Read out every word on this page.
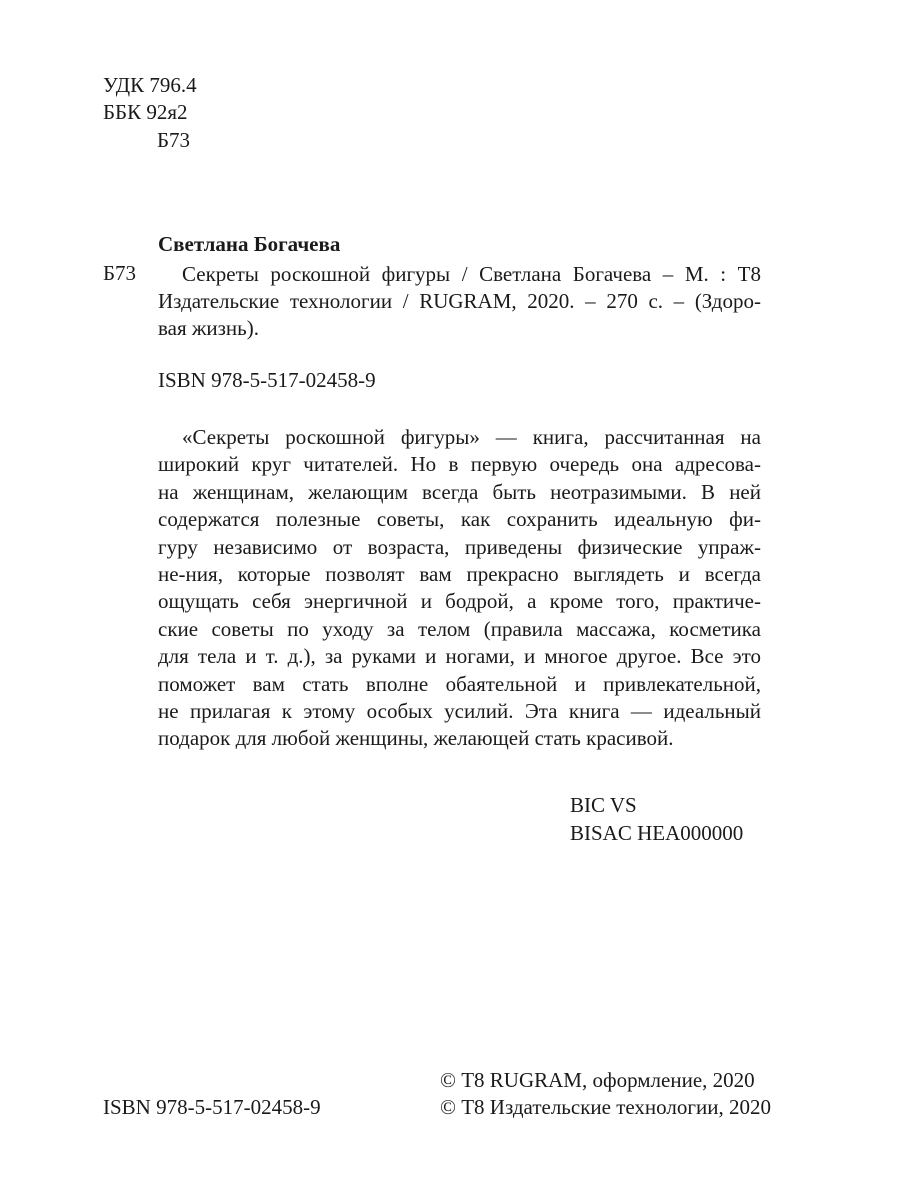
УДК 796.4
ББК 92я2
Б73
Светлана Богачева
Б73	Секреты роскошной фигуры / Светлана Богачева – М. : Т8
Издательские технологии / RUGRAM, 2020. – 270 с. – (Здоро-
вая жизнь).
ISBN 978-5-517-02458-9
«Секреты роскошной фигуры» — книга, рассчитанная на
широкий круг читателей. Но в первую очередь она адресова-
на женщинам, желающим всегда быть неотразимыми. В ней
содержатся полезные советы, как сохранить идеальную фи-
гуру независимо от возраста, приведены физические упраж-
не-ния, которые позволят вам прекрасно выглядеть и всегда
ощущать себя энергичной и бодрой, а кроме того, практиче-
ские советы по уходу за телом (правила массажа, косметика
для тела и т. д.), за руками и ногами, и многое другое. Все это
поможет вам стать вполне обаятельной и привлекательной,
не прилагая к этому особых усилий. Эта книга — идеальный
подарок для любой женщины, желающей стать красивой.
BIC VS
BISAC HEA000000
© Т8 RUGRAM, оформление, 2020
ISBN 978-5-517-02458-9	© Т8 Издательские технологии, 2020
